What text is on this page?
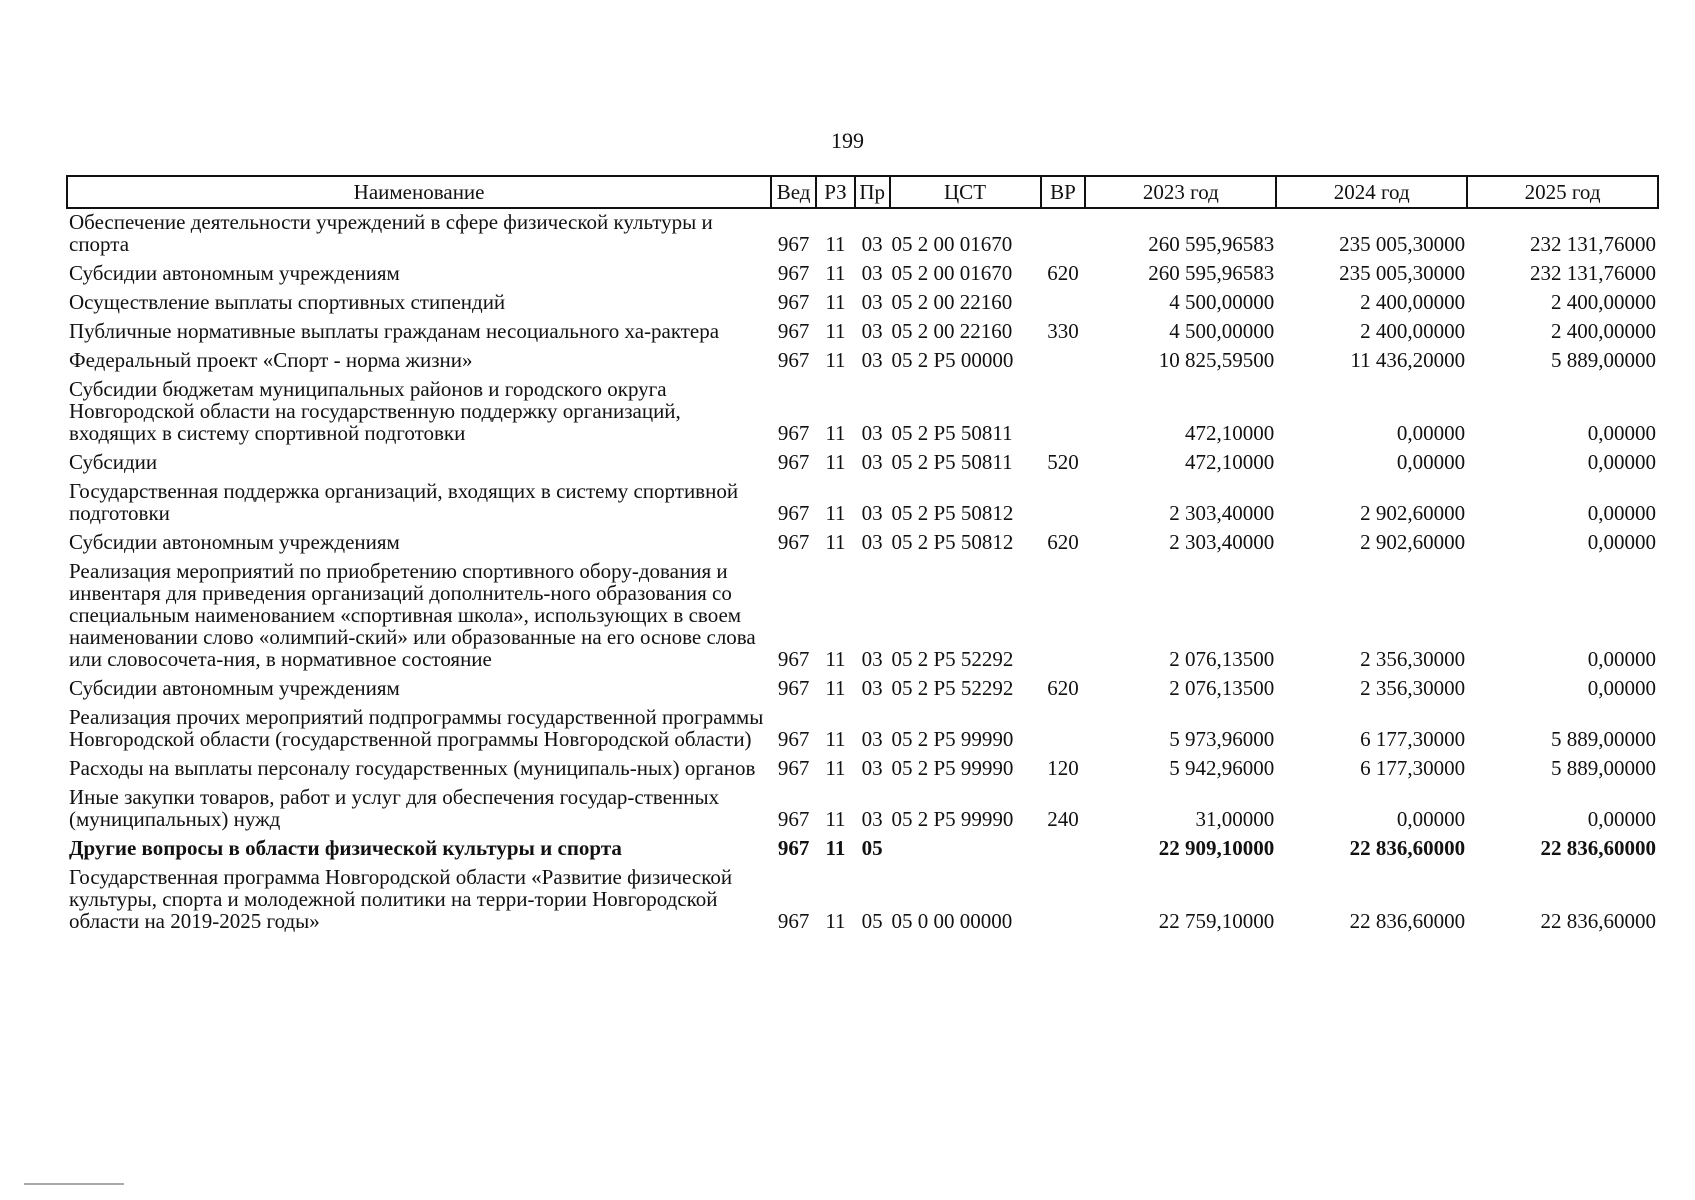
199
Наименование	Вед	РЗ	Пр	ЦСТ	ВР	2023 год	2024 год	2025 год
Обеспечение деятельности учреждений в сфере физической культуры и спорта	967	11	03	05 2 00 01670		260 595,96583	235 005,30000	232 131,76000
Субсидии автономным учреждениям	967	11	03	05 2 00 01670	620	260 595,96583	235 005,30000	232 131,76000
Осуществление выплаты спортивных стипендий	967	11	03	05 2 00 22160		4 500,00000	2 400,00000	2 400,00000
Публичные нормативные выплаты гражданам несоциального ха-рактера	967	11	03	05 2 00 22160	330	4 500,00000	2 400,00000	2 400,00000
Федеральный проект «Спорт - норма жизни»	967	11	03	05 2 P5 00000		10 825,59500	11 436,20000	5 889,00000
Субсидии бюджетам муниципальных районов и городского округа Новгородской области на государственную поддержку организаций, входящих в систему спортивной подготовки	967	11	03	05 2 P5 50811		472,10000	0,00000	0,00000
Субсидии	967	11	03	05 2 P5 50811	520	472,10000	0,00000	0,00000
Государственная поддержка организаций, входящих в систему спортивной подготовки	967	11	03	05 2 P5 50812		2 303,40000	2 902,60000	0,00000
Субсидии автономным учреждениям	967	11	03	05 2 P5 50812	620	2 303,40000	2 902,60000	0,00000
Реализация мероприятий по приобретению спортивного обору-дования и инвентаря для приведения организаций дополнитель-ного образования со специальным наименованием «спортивная школа», использующих в своем наименовании слово «олимпий-ский» или образованные на его основе слова или словосочета-ния, в нормативное состояние	967	11	03	05 2 P5 52292		2 076,13500	2 356,30000	0,00000
Субсидии автономным учреждениям	967	11	03	05 2 P5 52292	620	2 076,13500	2 356,30000	0,00000
Реализация прочих мероприятий подпрограммы государственной программы Новгородской области (государственной программы Новгородской области)	967	11	03	05 2 P5 99990		5 973,96000	6 177,30000	5 889,00000
Расходы на выплаты персоналу государственных (муниципаль-ных) органов	967	11	03	05 2 P5 99990	120	5 942,96000	6 177,30000	5 889,00000
Иные закупки товаров, работ и услуг для обеспечения государ-ственных (муниципальных) нужд	967	11	03	05 2 P5 99990	240	31,00000	0,00000	0,00000
Другие вопросы в области физической культуры и спорта	967	11	05			22 909,10000	22 836,60000	22 836,60000
Государственная программа Новгородской области «Развитие физической культуры, спорта и молодежной политики на терри-тории Новгородской области на 2019-2025 годы»	967	11	05	05 0 00 00000		22 759,10000	22 836,60000	22 836,60000
